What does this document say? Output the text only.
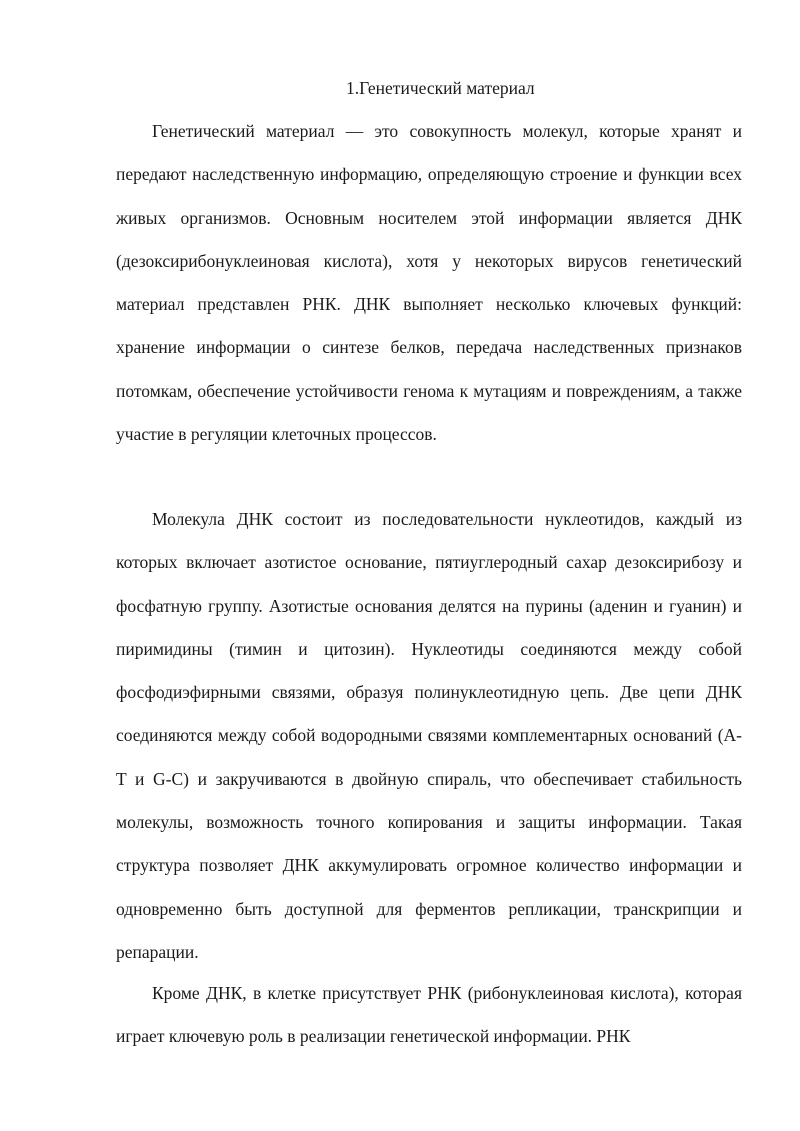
1.Генетический материал

Генетический материал — это совокупность молекул, которые хранят и передают наследственную информацию, определяющую строение и функции всех живых организмов. Основным носителем этой информации является ДНК (дезоксирибонуклеиновая кислота), хотя у некоторых вирусов генетический материал представлен РНК. ДНК выполняет несколько ключевых функций: хранение информации о синтезе белков, передача наследственных признаков потомкам, обеспечение устойчивости генома к мутациям и повреждениям, а также участие в регуляции клеточных процессов.

Молекула ДНК состоит из последовательности нуклеотидов, каждый из которых включает азотистое основание, пятиуглеродный сахар дезоксирибозу и фосфатную группу. Азотистые основания делятся на пурины (аденин и гуанин) и пиримидины (тимин и цитозин). Нуклеотиды соединяются между собой фосфодиэфирными связями, образуя полинуклеотидную цепь. Две цепи ДНК соединяются между собой водородными связями комплементарных оснований (A-T и G-C) и закручиваются в двойную спираль, что обеспечивает стабильность молекулы, возможность точного копирования и защиты информации. Такая структура позволяет ДНК аккумулировать огромное количество информации и одновременно быть доступной для ферментов репликации, транскрипции и репарации.

Кроме ДНК, в клетке присутствует РНК (рибонуклеиновая кислота), которая играет ключевую роль в реализации генетической информации. РНК
